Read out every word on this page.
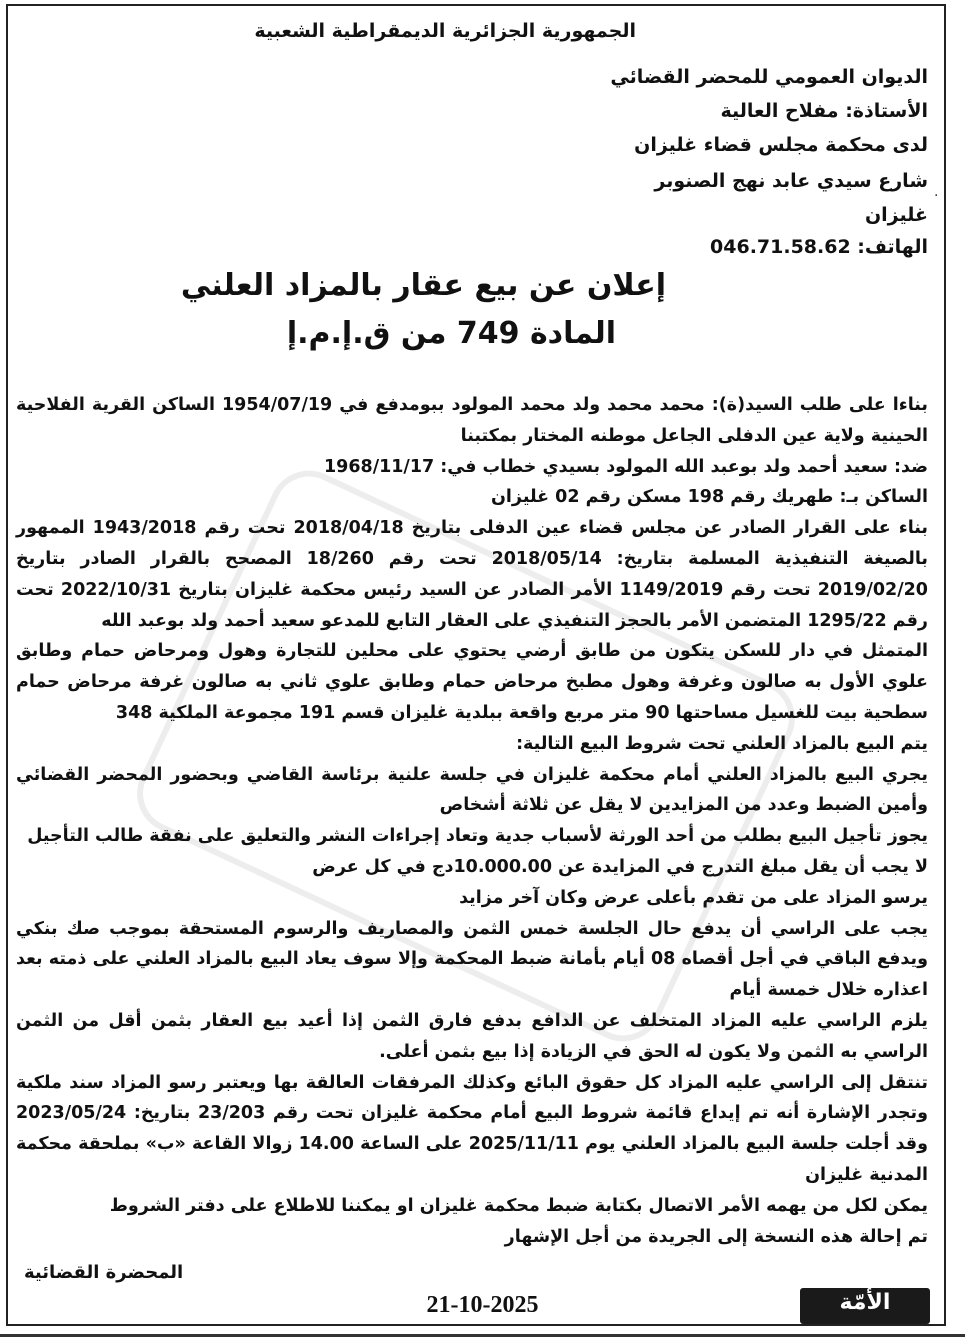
·
الجمهورية الجزائرية الديمقراطية الشعبية
الديوان العمومي للمحضر القضائي
الأستاذة: مفلاح العالية
لدى محكمة مجلس قضاء غليزان
شارع سيدي عابد نهج الصنوبر
غليزان
الهاتف: 046.71.58.62
إعلان عن بيع عقار بالمزاد العلني
المادة 749 من ق.إ.م.إ

بناءا على طلب السيد(ة): محمد محمد ولد محمد المولود ببومدفع في 1954/07/19 الساكن القرية الفلاحية الحينية ولاية عين الدفلى الجاعل موطنه المختار بمكتبنا

ضد: سعيد أحمد ولد بوعبد الله المولود بسيدي خطاب في: 1968/11/17

الساكن بـ: طهريك رقم 198 مسكن رقم 02 غليزان

بناء على القرار الصادر عن مجلس قضاء عين الدفلى بتاريخ 2018/04/18 تحت رقم 1943/2018 الممهور بالصيغة التنفيذية المسلمة بتاريخ: 2018/05/14 تحت رقم 18/260 المصحح بالقرار الصادر بتاريخ 2019/02/20 تحت رقم 1149/2019 الأمر الصادر عن السيد رئيس محكمة غليزان بتاريخ 2022/10/31 تحت رقم 1295/22 المتضمن الأمر بالحجز التنفيذي على العقار التابع للمدعو سعيد أحمد ولد بوعبد الله

المتمثل في دار للسكن يتكون من طابق أرضي يحتوي على محلين للتجارة وهول ومرحاض حمام وطابق علوي الأول به صالون وغرفة وهول مطبخ مرحاض حمام وطابق علوي ثاني به صالون غرفة مرحاض حمام سطحية بيت للغسيل مساحتها 90 متر مربع واقعة ببلدية غليزان قسم 191 مجموعة الملكية 348

يتم البيع بالمزاد العلني تحت شروط البيع التالية:

يجري البيع بالمزاد العلني أمام محكمة غليزان في جلسة علنية برئاسة القاضي وبحضور المحضر القضائي وأمين الضبط وعدد من المزايدين لا يقل عن ثلاثة أشخاص

يجوز تأجيل البيع بطلب من أحد الورثة لأسباب جدية وتعاد إجراءات النشر والتعليق على نفقة طالب التأجيل

لا يجب أن يقل مبلغ التدرج في المزايدة عن 10.000.00دج في كل عرض

يرسو المزاد على من تقدم بأعلى عرض وكان آخر مزايد

يجب على الراسي أن يدفع حال الجلسة خمس الثمن والمصاريف والرسوم المستحقة بموجب صك بنكي ويدفع الباقي في أجل أقصاه 08 أيام بأمانة ضبط المحكمة وإلا سوف يعاد البيع بالمزاد العلني على ذمته بعد اعذاره خلال خمسة أيام

يلزم الراسي عليه المزاد المتخلف عن الدافع بدفع فارق الثمن إذا أعيد بيع العقار بثمن أقل من الثمن الراسي به الثمن ولا يكون له الحق في الزيادة إذا بيع بثمن أعلى.

تنتقل إلى الراسي عليه المزاد كل حقوق البائع وكذلك المرفقات العالقة بها ويعتبر رسو المزاد سند ملكية وتجدر الإشارة أنه تم إيداع قائمة شروط البيع أمام محكمة غليزان تحت رقم 23/203 بتاريخ: 2023/05/24 وقد أجلت جلسة البيع بالمزاد العلني يوم 2025/11/11 على الساعة 14.00 زوالا القاعة «ب» بملحقة محكمة المدنية غليزان

يمكن لكل من يهمه الأمر الاتصال بكتابة ضبط محكمة غليزان او يمكننا للاطلاع على دفتر الشروط

تم إحالة هذه النسخة إلى الجريدة من أجل الإشهار

المحضرة القضائية
21-10-2025	الأمّة
